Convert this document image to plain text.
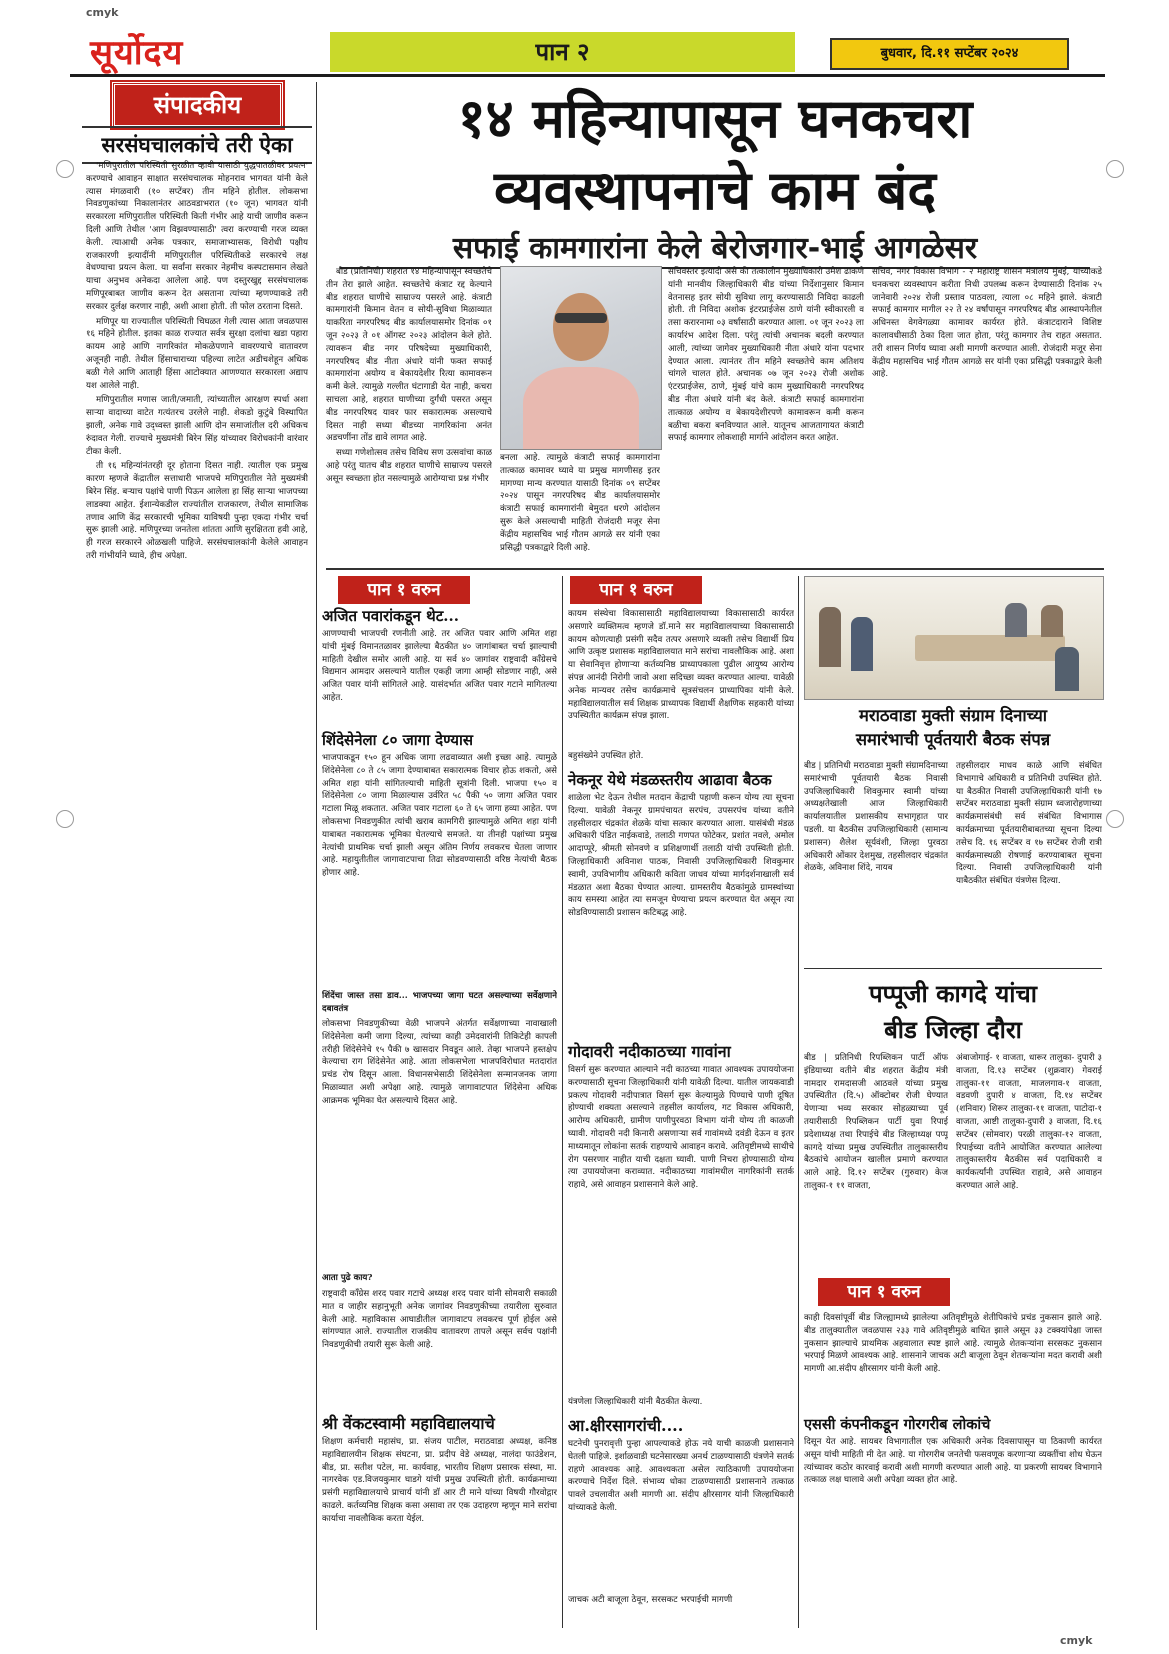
cmyk
cmyk
सूर्योदय	पान २	बुधवार, दि.११ सप्टेंबर २०२४
संपादकीय
सरसंघचालकांचे तरी ऐका

'मणिपुरातील परिस्थिती सुरळीत व्हावी यासाठी युद्धपातळीवर प्रयत्न' करण्याचे आवाहन साक्षात सरसंघचालक मोहनराव भागवत यांनी केले त्यास मंगळवारी (१० सप्टेंबर) तीन महिने होतील. लोकसभा निवडणुकांच्या निकालानंतर आठवडाभरात (१० जून) भागवत यांनी सरकारला मणिपुरातील परिस्थिती किती गंभीर आहे याची जाणीव करून दिली आणि तेथील 'आग विझवण्यासाठी' त्वरा करण्याची गरज व्यक्त केली. त्याआधी अनेक पत्रकार, समाजाभ्यासक, विरोधी पक्षीय राजकारणी इत्यादींनी मणिपुरातील परिस्थितीकडे सरकारचे लक्ष वेधण्याचा प्रयत्न केला. या सर्वांना सरकार नेहमीच कस्पटासमान लेखते याचा अनुभव अनेकदा आलेला आहे. पण दस्तुरखुद्द सरसंघचालक मणिपूरबाबत जाणीव करून देत असताना त्यांच्या म्हणण्याकडे तरी सरकार दुर्लक्ष करणार नाही, अशी आशा होती. ती फोल ठरताना दिसते.

मणिपूर या राज्यातील परिस्थिती चिघळत गेली त्यास आता जवळपास १६ महिने होतील. इतका काळ राज्यात सर्वत्र सुरक्षा दलांचा खडा पहारा कायम आहे आणि नागरिकांत मोकळेपणाने वावरण्याचे वातावरण अजूनही नाही. तेथील हिंसाचाराच्या पहिल्या लाटेत अडीचशेहून अधिक बळी गेले आणि आताही हिंसा आटोक्यात आणण्यात सरकारला अद्याप यश आलेले नाही.

मणिपुरातील मणास जाती/जमाती, त्यांच्यातील आरक्षण स्पर्धा अशा साऱ्या वादाच्या वाटेत गत्यंतरच उरलेले नाही. शेकडो कुटुंबे विस्थापित झाली, अनेक गावे उद्ध्वस्त झाली आणि दोन समाजांतील दरी अधिकच रुंदावत गेली. राज्याचे मुख्यमंत्री बिरेन सिंह यांच्यावर विरोधकांनी वारंवार टीका केली.

ती १६ महिन्यांनंतरही दूर होताना दिसत नाही. त्यातील एक प्रमुख कारण म्हणजे केंद्रातील सत्ताधारी भाजपचे मणिपुरातील नेते मुख्यमंत्री बिरेन सिंह. बऱ्याच पक्षांचे पाणी पिऊन आलेला हा सिंह साऱ्या भाजपच्या लाडक्या आहेत. ईशान्येकडील राज्यांतील राजकारण, तेथील सामाजिक तणाव आणि केंद्र सरकारची भूमिका याविषयी पुन्हा एकदा गंभीर चर्चा सुरू झाली आहे. मणिपूरच्या जनतेला शांतता आणि सुरक्षितता हवी आहे, ही गरज सरकारने ओळखली पाहिजे. सरसंघचालकांनी केलेले आवाहन तरी गांभीर्याने घ्यावे, हीच अपेक्षा.

१४ महिन्यापासून घनकचरा
व्यवस्थापनाचे काम बंद
सफाई कामगारांना केले बेरोजगार-भाई आगळेसर

बीड (प्रतिनिधी) शहरात १४ महिन्यांपासून स्वच्छतेचे तीन तेरा झाले आहेत. स्वच्छतेचे कंत्राट रद्द केल्याने बीड शहरात घाणीचे साम्राज्य पसरले आहे. कंत्राटी कामगारांनी किमान वेतन व सोयी-सुविधा मिळाव्यात याकरिता नगरपरिषद बीड कार्यालयासमोर दिनांक ०१ जून २०२३ ते ०१ ऑगस्ट २०२३ आंदोलन केले होते. त्यावरून बीड नगर परिषदेच्या मुख्याधिकारी, नगरपरिषद बीड नीता अंधारे यांनी फक्त सफाई कामगारांना अयोग्य व बेकायदेशीर रित्या कामावरून कमी केले. त्यामुळे गल्लीत घंटागाडी येत नाही, कचरा साचला आहे, शहरात घाणीच्या दुर्गंधी पसरत असून बीड नगरपरिषद यावर फार सकारात्मक असल्याचे दिसत नाही सध्या बीडच्या नागरिकांना अनंत अडचणींना तोंड द्यावे लागत आहे.

सध्या गणेशोत्सव तसेच विविध सण उत्सवांचा काळ आहे परंतु यातच बीड शहरात घाणीचे साम्राज्य पसरले असून स्वच्छता होत नसल्यामुळे आरोग्याचा प्रश्न गंभीर

बनला आहे. त्यामुळे कंत्राटी सफाई कामगारांना तात्काळ कामावर घ्यावे या प्रमुख मागणीसह इतर मागण्या मान्य करण्यात यासाठी दिनांक ०९ सप्टेंबर २०२४ पासून नगरपरिषद बीड कार्यालयासमोर कंत्राटी सफाई कामगारांनी बेमुदत धरणे आंदोलन सुरू केले असल्याची माहिती रोजंदारी मजूर सेना केंद्रीय महासचिव भाई गौतम आगळे सर यांनी एका प्रसिद्धी पत्रकाद्वारे दिली आहे.
सचिवस्तर इत्यादी असे की तत्कालीन मुख्याधिकारी उमेश ढाकणे यांनी मानवीय जिल्हाधिकारी बीड यांच्या निर्देशानुसार किमान वेतनासह इतर सोयी सुविधा लागू करण्यासाठी निविदा काढली होती. ती निविदा अशोक इंटरप्राईजेस ठाणे यांनी स्वीकारली व तसा करारनामा ०३ वर्षांसाठी करण्यात आला. ०१ जून २०२३ ला कार्यारंभ आदेश दिला. परंतु त्यांची अचानक बदली करण्यात आली, त्यांच्या जागेवर मुख्याधिकारी नीता अंधारे यांना पदभार देण्यात आला. त्यानंतर तीन महिने स्वच्छतेचे काम अतिशय चांगले चालत होते. अचानक ०७ जून २०२३ रोजी अशोक एंटरप्राईजेस, ठाणे, मुंबई यांचे काम मुख्याधिकारी नगरपरिषद बीड नीता अंधारे यांनी बंद केले. कंत्राटी सफाई कामगारांना तात्काळ अयोग्य व बेकायदेशीरपणे कामावरून कमी करून बळीचा बकरा बनविण्यात आले. यातूनच आजतागायत कंत्राटी सफाई कामगार लोकशाही मार्गाने आंदोलन करत आहेत.
सचिव, नगर विकास विभाग - २ महाराष्ट्र शासन मंत्रालय मुंबई, यांच्याकडे घनकचरा व्यवस्थापन करीता निधी उपलब्ध करून देण्यासाठी दिनांक २५ जानेवारी २०२४ रोजी प्रस्ताव पाठवला, त्याला ०८ महिने झाले. कंत्राटी सफाई कामगार मागील २२ ते २४ वर्षांपासून नगरपरिषद बीड आस्थापनेतील अधिनस्त वेगवेगळ्या कामावर कार्यरत होते. कंत्राटदाराने विशिष्ट कालावधीसाठी ठेका दिला जात होता, परंतु कामगार तेच राहत असतात. तरी शासन निर्णय घ्यावा अशी मागणी करण्यात आली. रोजंदारी मजूर सेना केंद्रीय महासचिव भाई गौतम आगळे सर यांनी एका प्रसिद्धी पत्रकाद्वारे केली आहे.
पान १ वरुन
अजित पवारांकडून थेट...
आणण्याची भाजपची रणनीती आहे. तर अजित पवार आणि अमित शहा यांची मुंबई विमानतळावर झालेल्या बैठकीत ४० जागांबाबत चर्चा झाल्याची माहिती देखील समोर आली आहे. या सर्व ४० जागांवर राष्ट्रवादी काँग्रेसचे विद्यमान आमदार असल्याने यातील एकही जागा आम्ही सोडणार नाही, असे अजित पवार यांनी सांगितले आहे. यासंदर्भात अजित पवार गटाने मागितल्या आहेत.
शिंदेसेनेला ८० जागा देण्यास
भाजपाकडून १५० हून अधिक जागा लढवाव्यात अशी इच्छा आहे. त्यामुळे शिंदेसेनेला ८० ते ८५ जागा देण्याबाबत सकारात्मक विचार होऊ शकतो, असे अमित शहा यांनी सांगितल्याची माहिती सूत्रांनी दिली. भाजपा १५० व शिंदेसेनेला ८० जागा मिळाल्यास उर्वरित ५८ पैकी ५० जागा अजित पवार गटाला मिळू शकतात. अजित पवार गटाला ६० ते ६५ जागा हव्या आहेत. पण लोकसभा निवडणुकीत त्यांची खराब कामगिरी झाल्यामुळे अमित शहा यांनी याबाबत नकारात्मक भूमिका घेतल्याचे समजते. या तीनही पक्षांच्या प्रमुख नेत्यांची प्राथमिक चर्चा झाली असून अंतिम निर्णय लवकरच घेतला जाणार आहे. महायुतीतील जागावाटपाचा तिढा सोडवण्यासाठी वरिष्ठ नेत्यांची बैठक होणार आहे.
शिंदेंचा जास्त तसा डाव... भाजपच्या जागा घटत असल्याच्या सर्वेक्षणाने दबावतंत्र
लोकसभा निवडणुकीच्या वेळी भाजपने अंतर्गत सर्वेक्षणाच्या नावाखाली शिंदेसेनेला कमी जागा दिल्या, त्यांच्या काही उमेदवारांनी तिकिटेही कापली तरीही शिंदेसेनेचे १५ पैकी ७ खासदार निवडून आले. तेव्हा भाजपने हस्तक्षेप केल्याचा राग शिंदेसेनेत आहे. आता लोकसभेला भाजपविरोधात मतदारांत प्रचंड रोष दिसून आला. विधानसभेसाठी शिंदेसेनेला सन्मानजनक जागा मिळाव्यात अशी अपेक्षा आहे. त्यामुळे जागावाटपात शिंदेसेना अधिक आक्रमक भूमिका घेत असल्याचे दिसत आहे.
आता पुढे काय?
राष्ट्रवादी काँग्रेस शरद पवार गटाचे अध्यक्ष शरद पवार यांनी सोमवारी सकाळी मात व जाहीर सहानुभूती अनेक जागांवर निवडणुकीच्या तयारीला सुरुवात केली आहे. महाविकास आघाडीतील जागावाटप लवकरच पूर्ण होईल असे सांगण्यात आले. राज्यातील राजकीय वातावरण तापले असून सर्वच पक्षांनी निवडणुकीची तयारी सुरू केली आहे.
श्री वेंकटस्वामी महाविद्यालयाचे
शिक्षण कर्मचारी महासंघ, प्रा. संजय पाटील, मराठवाडा अध्यक्ष, कनिष्ठ महाविद्यालयीन शिक्षक संघटना, प्रा. प्रदीप वेडे अध्यक्ष, नालंदा फाउंडेशन, बीड, प्रा. सतीश पटेल, मा. कार्यवाह, भारतीय शिक्षण प्रसारक संस्था, मा. नागरवेक एड.विजयकुमार घाडगे यांची प्रमुख उपस्थिती होती. कार्यक्रमाच्या प्रसंगी महाविद्यालयाचे प्राचार्य यांनी डॉ आर टी माने यांच्या विषयी गौरवोद्गार काढले. कर्तव्यनिष्ठ शिक्षक कसा असावा तर एक उदाहरण म्हणून माने सरांचा कार्याचा नावलौकिक करता येईल.
पान १ वरुन
कायम संस्थेचा विकासासाठी महाविद्यालयाच्या विकासासाठी कार्यरत असणारे व्यक्तिमत्व म्हणजे डॉ.माने सर महाविद्यालयाच्या विकासासाठी कायम कोणत्याही प्रसंगी सदैव तत्पर असणारे व्यक्ती तसेच विद्यार्थी प्रिय आणि उत्कृष्ट प्रशासक महाविद्यालयात माने सरांचा नावलौकिक आहे. अशा या सेवानिवृत्त होणाऱ्या कर्तव्यनिष्ठ प्राध्यापकाला पुढील आयुष्य आरोग्य संपन्न आनंदी निरोगी जावो अशा सदिच्छा व्यक्त करण्यात आल्या. यावेळी अनेक मान्यवर तसेच कार्यक्रमाचे सूत्रसंचलन प्राध्यापिका यांनी केले. महाविद्यालयातील सर्व शिक्षक प्राध्यापक विद्यार्थी शैक्षणिक सहकारी यांच्या उपस्थितीत कार्यक्रम संपन्न झाला.
बहुसंख्येने उपस्थित होते.
नेकनूर येथे मंडळस्तरीय आढावा बैठक
शाळेला भेट देऊन तेथील मतदान केंद्राची पहाणी करून योग्य त्या सूचना दिल्या. यावेळी नेकनूर ग्रामपंचायत सरपंच, उपसरपंच यांच्या वतीने तहसीलदार चंद्रकांत शेळके यांचा सत्कार करण्यात आला. यासंबंधी मंडळ अधिकारी पंडित नाईकवाडे, तलाठी गणपत फोटेकर, प्रशांत नवले, अमोल आदाप्पूरे, श्रीमती सोनवणे व प्रशिक्षणार्थी तलाठी यांची उपस्थिती होती. जिल्हाधिकारी अविनाश पाठक, निवासी उपजिल्हाधिकारी शिवकुमार स्वामी, उपविभागीय अधिकारी कविता जाधव यांच्या मार्गदर्शनाखाली सर्व मंडळात अशा बैठका घेण्यात आल्या. ग्रामस्तरीय बैठकांमुळे ग्रामस्थांच्या काय समस्या आहेत त्या समजून घेण्याचा प्रयत्न करण्यात येत असून त्या सोडविण्यासाठी प्रशासन कटिबद्ध आहे.
गोदावरी नदीकाठच्या गावांना
विसर्ग सुरू करण्यात आल्याने नदी काठच्या गावात आवश्यक उपाययोजना करण्यासाठी सूचना जिल्हाधिकारी यांनी यावेळी दिल्या. यातील जायकवाडी प्रकल्प गोदावरी नदीपात्रात विसर्ग सुरू केल्यामुळे पिण्याचे पाणी दूषित होण्याची शक्यता असल्याने तहसील कार्यालय, गट विकास अधिकारी, आरोग्य अधिकारी, ग्रामीण पाणीपुरवठा विभाग यांनी योग्य ती काळजी घ्यावी. गोदावरी नदी किनारी असणाऱ्या सर्व गावांमध्ये दवंडी देऊन व इतर माध्यमातून लोकांना सतर्क राहण्याचे आवाहन करावे. अतिवृष्टीमध्ये साथीचे रोग पसरणार नाहीत याची दक्षता घ्यावी. पाणी निचरा होण्यासाठी योग्य त्या उपाययोजना कराव्यात. नदीकाठच्या गावांमधील नागरिकांनी सतर्क राहावे, असे आवाहन प्रशासनाने केले आहे.
यंत्रणेला जिल्हाधिकारी यांनी बैठकीत केल्या.
आ.क्षीरसागरांची....
घटनेची पुनरावृत्ती पुन्हा आपल्याकडे होऊ नये याची काळजी प्रशासनाने घेतली पाहिजे. इर्शाळवाडी घटनेसारख्या अनर्थ टाळण्यासाठी यंत्रणेने सतर्क राहणे आवश्यक आहे. आवश्यकता असेल त्याठिकाणी उपाययोजना करण्याचे निर्देश दिले. संभाव्य धोका टाळण्यासाठी प्रशासनाने तत्काळ पावले उचलावीत अशी मागणी आ. संदीप क्षीरसागर यांनी जिल्हाधिकारी यांच्याकडे केली.
जाचक अटी बाजूला ठेवून, सरसकट भरपाईची मागणी
मराठवाडा मुक्ती संग्राम दिनाच्या
समारंभाची पूर्वतयारी बैठक संपन्न
बीड | प्रतिनिधी मराठवाडा मुक्ती संग्रामदिनाच्या समारंभाची पूर्वतयारी बैठक निवासी उपजिल्हाधिकारी शिवकुमार स्वामी यांच्या अध्यक्षतेखाली आज जिल्हाधिकारी कार्यालयातील प्रशासकीय सभागृहात पार पडली. या बैठकीस उपजिल्हाधिकारी (सामान्य प्रशासन) शैलेश सूर्यवंशी, जिल्हा पुरवठा अधिकारी ओंकार देशमुख, तहसीलदार चंद्रकांत शेळके, अविनाश शिंदे, नायब
तहसीलदार माधव काळे आणि संबंधित विभागाचे अधिकारी व प्रतिनिधी उपस्थित होते. या बैठकीत निवासी उपजिल्हाधिकारी यांनी १७ सप्टेंबर मराठवाडा मुक्ती संग्राम ध्वजारोहणाच्या कार्यक्रमासंबंधी सर्व संबंधित विभागास कार्यक्रमाच्या पूर्वतयारीबाबतच्या सूचना दिल्या तसेच दि. १६ सप्टेंबर व १७ सप्टेंबर रोजी रात्री कार्यक्रमास्थळी रोषणाई करण्याबाबत सूचना दिल्या. निवासी उपजिल्हाधिकारी यांनी याबैठकीत संबंधित यंत्रणेस दिल्या.
पप्पूजी कागदे यांचा
बीड जिल्हा दौरा
बीड | प्रतिनिधी रिपब्लिकन पार्टी ऑफ इंडियाच्या वतीने बीड शहरात केंद्रीय मंत्री नामदार रामदासजी आठवले यांच्या प्रमुख उपस्थितीत (दि.५) ऑक्टोबर रोजी घेण्यात येणाऱ्या भव्य सरकार सोहळ्याच्या पूर्व तयारीसाठी रिपब्लिकन पार्टी युवा रिपाई प्रदेशाध्यक्ष तथा रिपाईचे बीड जिल्हाध्यक्ष पप्पू कागदे यांच्या प्रमुख उपस्थितीत तालुकास्तरीय बैठकांचे आयोजन खालील प्रमाणे करण्यात आले आहे. दि.१२ सप्टेंबर (गुरुवार) केज तालुका-१ ११ वाजता,
अंबाजोगाई- १ वाजता, धारूर तालुका- दुपारी ३ वाजता, दि.१३ सप्टेंबर (शुक्रवार) गेवराई तालुका-११ वाजता, माजलगाव-१ वाजता, वडवणी दुपारी ४ वाजता, दि.१४ सप्टेंबर (शनिवार) शिरूर तालुका-११ वाजता, पाटोदा-१ वाजता, आष्टी तालुका-दुपारी ३ वाजता, दि.१६ सप्टेंबर (सोमवार) परळी तालुका-१२ वाजता, रिपाईच्या वतीने आयोजित करण्यात आलेल्या तालुकास्तरीय बैठकीस सर्व पदाधिकारी व कार्यकर्त्यांनी उपस्थित राहावे, असे आवाहन करण्यात आले आहे.
पान १ वरुन
काही दिवसांपूर्वी बीड जिल्ह्यामध्ये झालेल्या अतिवृष्टीमुळे शेतीपिकांचे प्रचंड नुकसान झाले आहे. बीड तालुक्यातील जवळपास २३३ गावे अतिवृष्टीमुळे बाधित झाले असून ३३ टक्क्यांपेक्षा जास्त नुकसान झाल्याचे प्राथमिक अहवालात स्पष्ट झाले आहे. त्यामुळे शेतकऱ्यांना सरसकट नुकसान भरपाई मिळणे आवश्यक आहे. शासनाने जाचक अटी बाजूला ठेवून शेतकऱ्यांना मदत करावी अशी मागणी आ.संदीप क्षीरसागर यांनी केली आहे.
एससी कंपनीकडून गोरगरीब लोकांचे
दिसून येत आहे. सायबर विभागातील एक अधिकारी अनेक दिवसापासून या ठिकाणी कार्यरत असून यांची माहिती मी देत आहे. या गोरगरीब जनतेची फसवणूक करणाऱ्या व्यक्तींचा शोध घेऊन त्यांच्यावर कठोर कारवाई करावी अशी मागणी करण्यात आली आहे. या प्रकरणी सायबर विभागाने तत्काळ लक्ष घालावे अशी अपेक्षा व्यक्त होत आहे.
